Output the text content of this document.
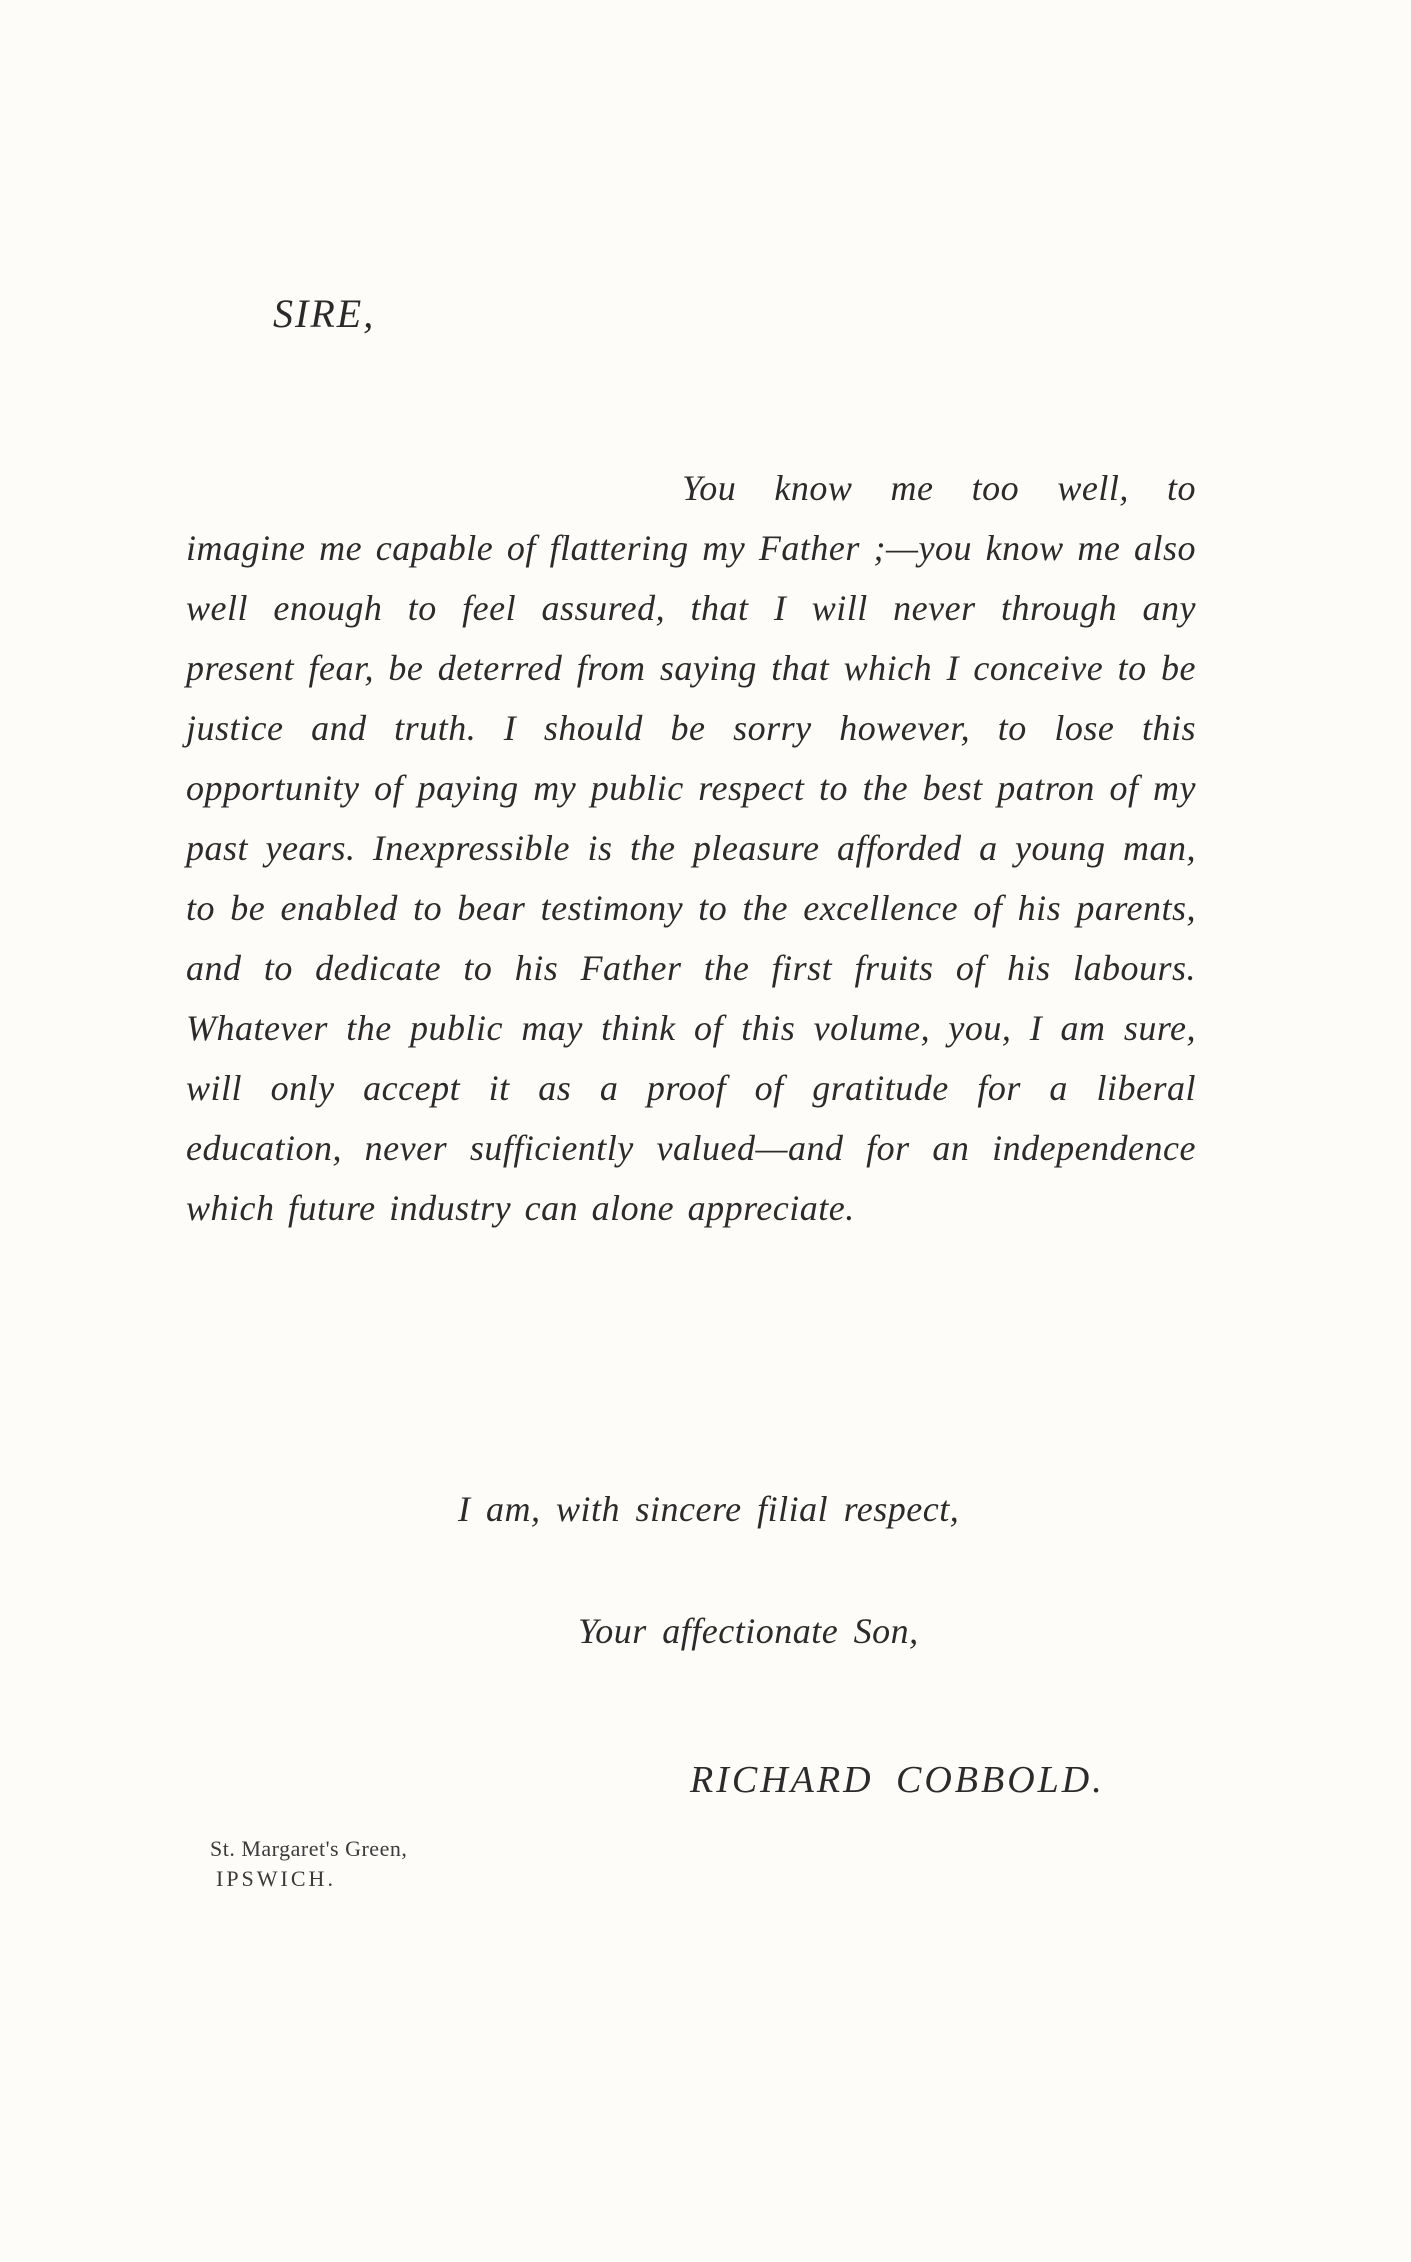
SIRE,

You know me too well, to imagine me capable of flattering my Father ;—you know me also well enough to feel assured, that I will never through any present fear, be deterred from saying that which I conceive to be justice and truth. I should be sorry however, to lose this opportunity of paying my public respect to the best patron of my past years. Inexpressible is the pleasure afforded a young man, to be enabled to bear testimony to the excellence of his parents, and to dedicate to his Father the first fruits of his labours. Whatever the public may think of this volume, you, I am sure, will only accept it as a proof of gratitude for a liberal education, never sufficiently valued—and for an independence which future industry can alone appreciate.

I am, with sincere filial respect,
Your affectionate Son,
RICHARD COBBOLD.
St. Margaret's Green,
IPSWICH.
